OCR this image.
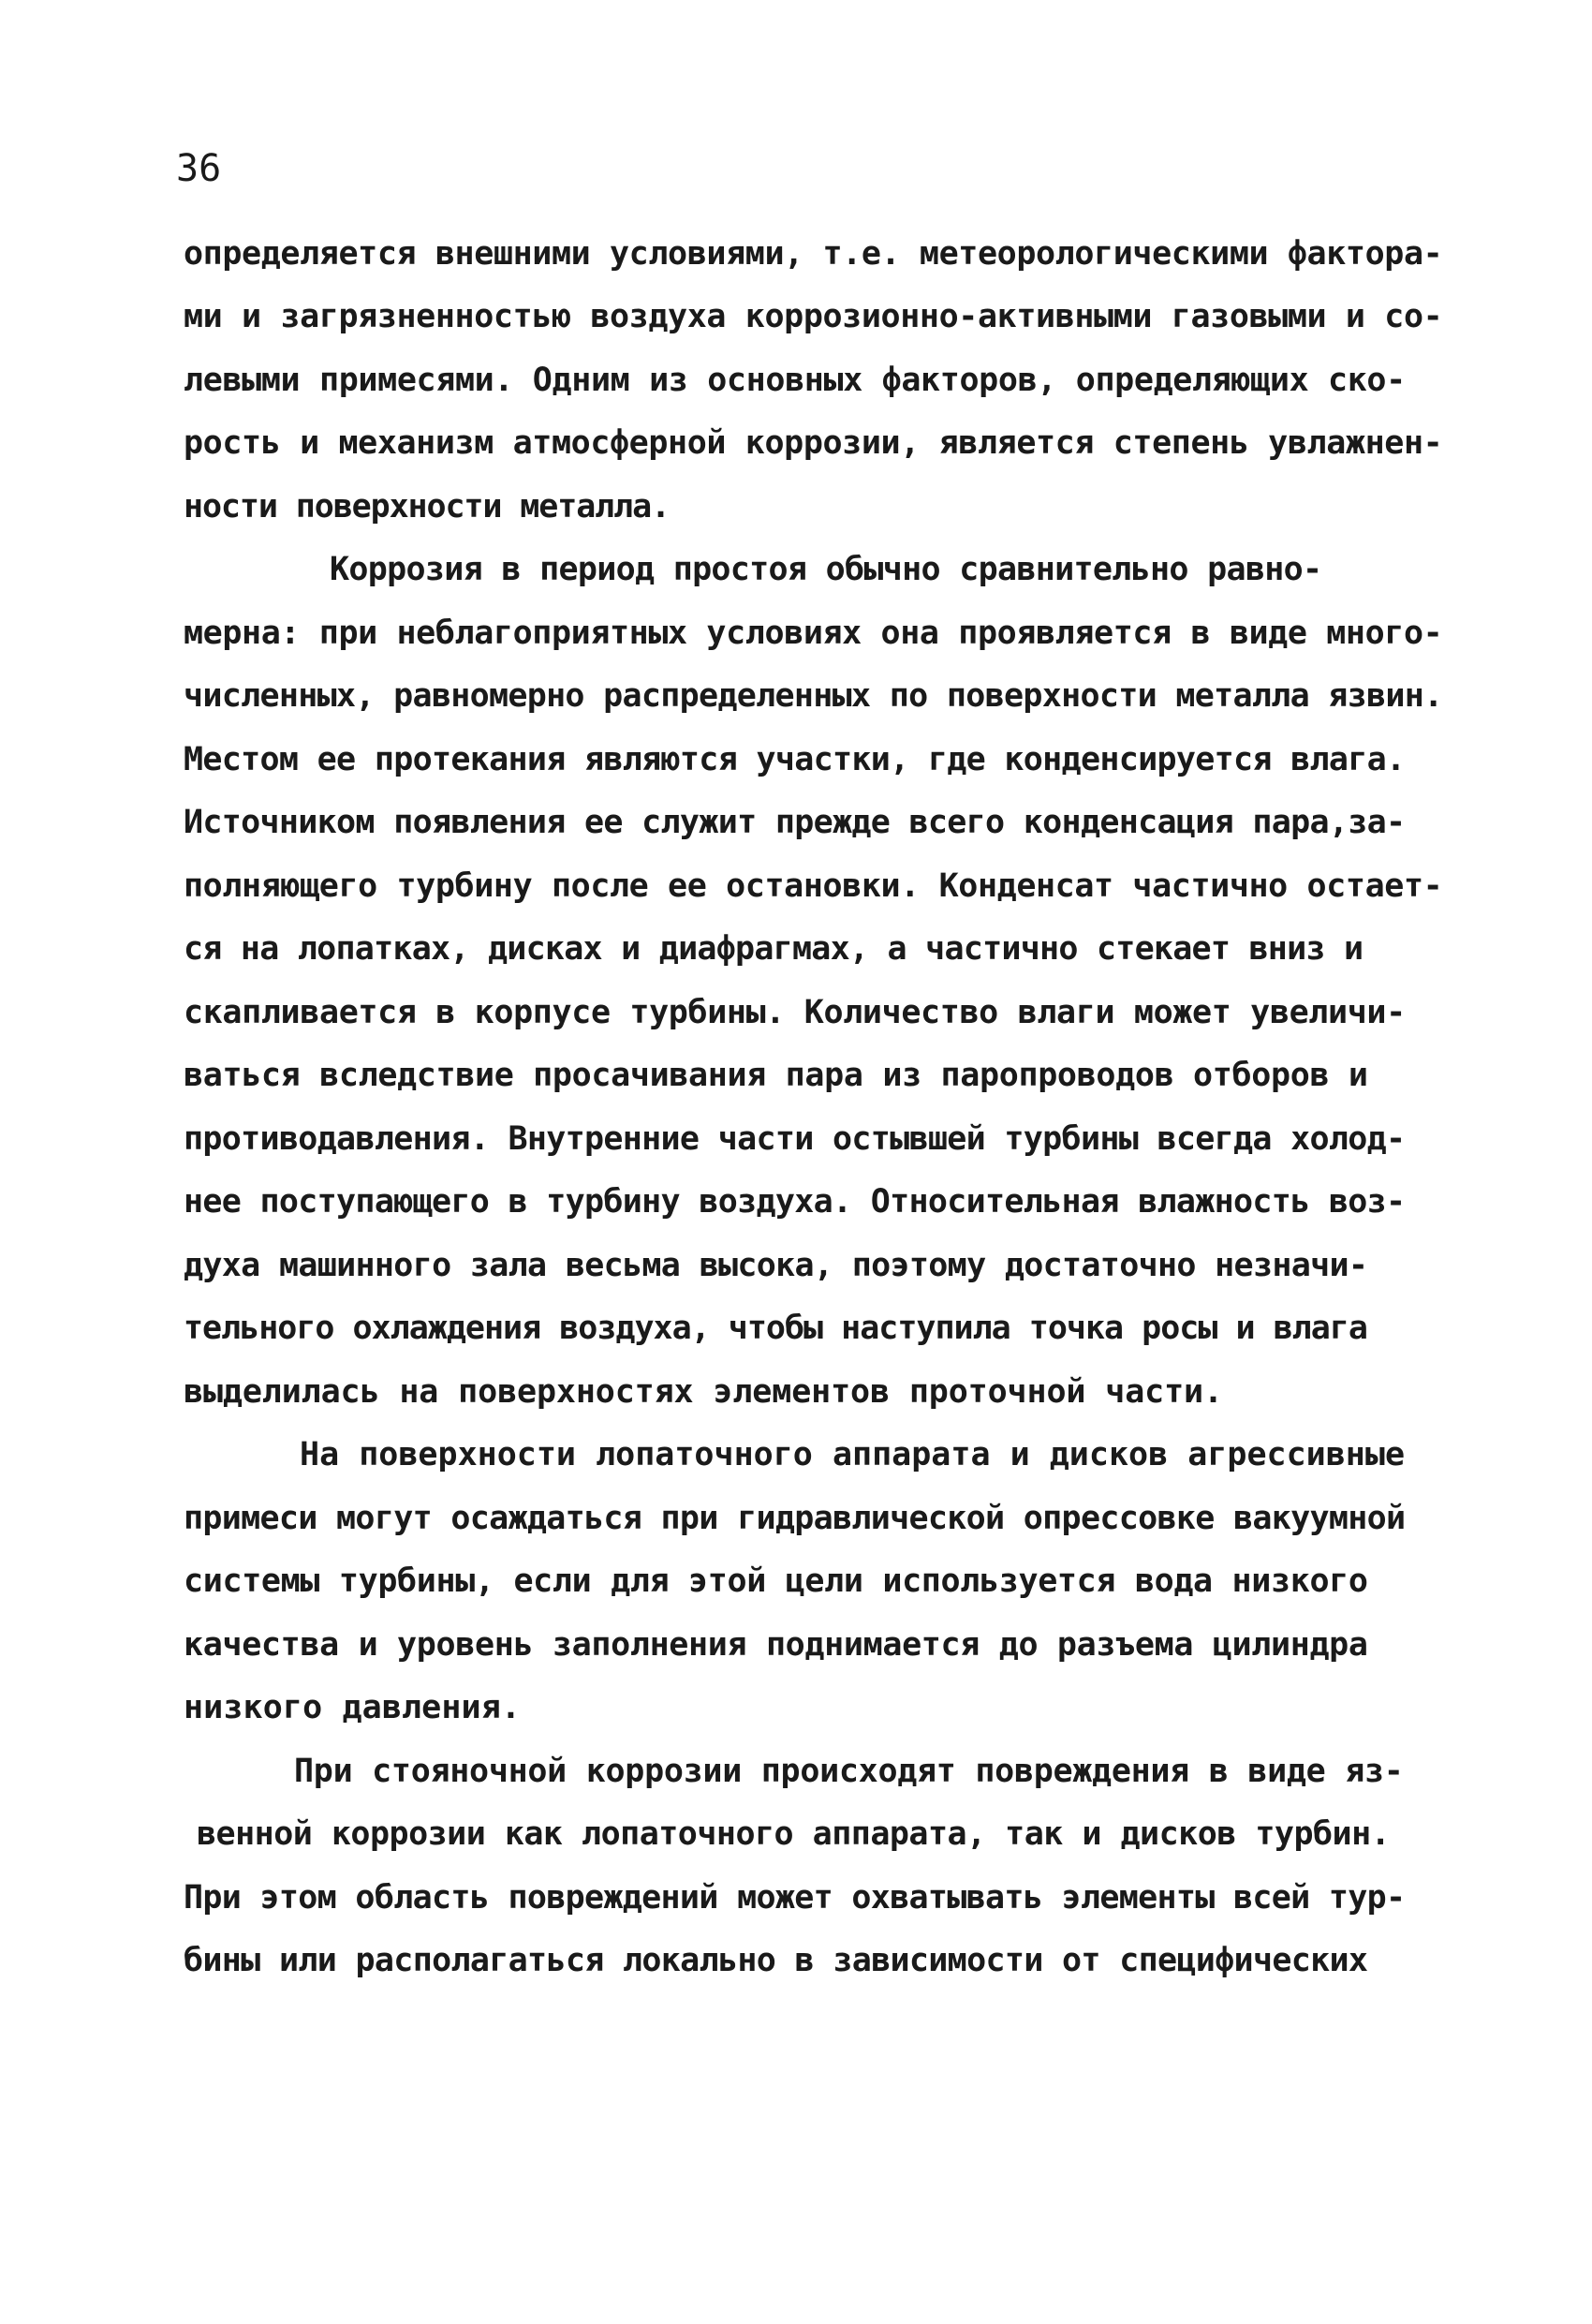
36
определяется внешними условиями, т.е. метеорологическими фактора-
ми и загрязненностью воздуха коррозионно-активными газовыми и со-
левыми примесями. Одним из основных факторов, определяющих ско-
рость и механизм атмосферной коррозии, является степень увлажнен-
ности поверхности металла.
Коррозия в период простоя обычно сравнительно равно-
мерна: при неблагоприятных условиях она проявляется в виде много-
численных, равномерно распределенных по поверхности металла язвин.
Местом ее протекания являются участки, где конденсируется влага.
Источником появления ее служит прежде всего конденсация пара,за-
полняющего турбину после ее остановки. Конденсат частично остает-
ся на лопатках, дисках и диафрагмах, а частично стекает вниз и
скапливается в корпусе турбины. Количество влаги может увеличи-
ваться вследствие просачивания пара из паропроводов отборов и
противодавления. Внутренние части остывшей турбины всегда холод-
нее поступающего в турбину воздуха. Относительная влажность воз-
духа машинного зала весьма высока, поэтому достаточно незначи-
тельного охлаждения воздуха, чтобы наступила точка росы и влага
выделилась на поверхностях элементов проточной части.
На поверхности лопаточного аппарата и дисков агрессивные
примеси могут осаждаться при гидравлической опрессовке вакуумной
системы турбины, если для этой цели используется вода низкого
качества и уровень заполнения поднимается до разъема цилиндра
низкого давления.
При стояночной коррозии происходят повреждения в виде яз-
венной коррозии как лопаточного аппарата, так и дисков турбин.
При этом область повреждений может охватывать элементы всей тур-
бины или располагаться локально в зависимости от специфических
